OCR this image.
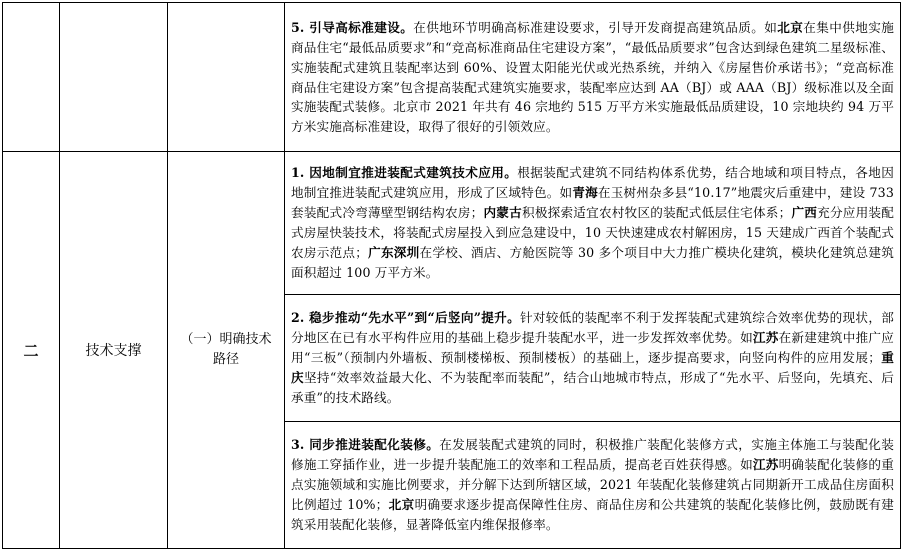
			5. 引导高标准建设。在供地环节明确高标准建设要求，引导开发商提高建筑品质。如北京在集中供地实施商品住宅“最低品质要求”和“竞高标准商品住宅建设方案”，“最低品质要求”包含达到绿色建筑二星级标准、实施装配式建筑且装配率达到 60%、设置太阳能光伏或光热系统，并纳入《房屋售价承诺书》；“竞高标准商品住宅建设方案”包含提高装配式建筑实施要求，装配率应达到 AA（BJ）或 AAA（BJ）级标准以及全面实施装配式装修。北京市 2021 年共有 46 宗地约 515 万平方米实施最低品质建设，10 宗地块约 94 万平方米实施高标准建设，取得了很好的引领效应。
二	技术支撑	（一）明确技术路径	1. 因地制宜推进装配式建筑技术应用。根据装配式建筑不同结构体系优势，结合地域和项目特点，各地因地制宜推进装配式建筑应用，形成了区域特色。如青海在玉树州杂多县“10.17”地震灾后重建中，建设 733 套装配式冷弯薄壁型钢结构农房；内蒙古积极探索适宜农村牧区的装配式低层住宅体系；广西充分应用装配式房屋快装技术，将装配式房屋投入到应急建设中，10 天快速建成农村解困房，15 天建成广西首个装配式农房示范点；广东深圳在学校、酒店、方舱医院等 30 多个项目中大力推广模块化建筑，模块化建筑总建筑面积超过 100 万平方米。
			2. 稳步推动“先水平”到“后竖向”提升。针对较低的装配率不利于发挥装配式建筑综合效率优势的现状，部分地区在已有水平构件应用的基础上稳步提升装配水平，进一步发挥效率优势。如江苏在新建建筑中推广应用“三板”（预制内外墙板、预制楼梯板、预制楼板）的基础上，逐步提高要求，向竖向构件的应用发展；重庆坚持“效率效益最大化、不为装配率而装配”，结合山地城市特点，形成了“先水平、后竖向，先填充、后承重”的技术路线。
			3. 同步推进装配化装修。在发展装配式建筑的同时，积极推广装配化装修方式，实施主体施工与装配化装修施工穿插作业，进一步提升装配施工的效率和工程品质，提高老百姓获得感。如江苏明确装配化装修的重点实施领域和实施比例要求，并分解下达到所辖区域，2021 年装配化装修建筑占同期新开工成品住房面积比例超过 10%；北京明确要求逐步提高保障性住房、商品住房和公共建筑的装配化装修比例，鼓励既有建筑采用装配化装修，显著降低室内维保报修率。
